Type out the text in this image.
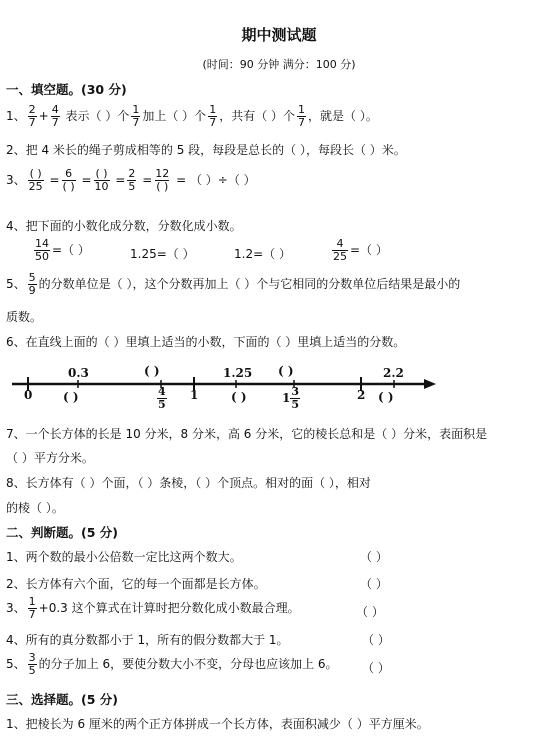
期中测试题
(时间：90 分钟 满分：100 分)
一、填空题。(30 分)
1、 $\frac{2}{7} + \frac{4}{7}$ 表示（ ）个 $\frac{1}{7}$ 加上（ ）个 $\frac{1}{7}$ ，共有（ ）个 $\frac{1}{7}$ ，就是（ ）。
2、把 4 米长的绳子剪成相等的 5 段，每段是总长的（ ），每段长（ ）米。
3、 $\frac{( )}{25} = \frac{6}{( )} = \frac{( )}{10} = \frac{2}{5} = \frac{12}{( )}$ = （ ）÷（ ）
4、把下面的小数化成分数，分数化成小数。
$\frac{14}{50}$ =（ ）	1.25=（ ）	1.2=（ ）	$\frac{4}{25}$ =（ ）
5、 $\frac{5}{9}$ 的分数单位是（ ），这个分数再加上（ ）个与它相同的分数单位后结果是最小的
质数。
6、在直线上面的（ ）里填上适当的小数，下面的（ ）里填上适当的分数。
0.3	( )	1.25 ( )	2.2
0	1	2
( )	( )	( )
$\frac{4}{5}$	$1 \frac{3}{5}$
7、一个长方体的长是 10 分米，8 分米，高 6 分米，它的棱长总和是（ ）分米，表面积是
（ ）平方分米。
8、长方体有（ ）个面，（ ）条棱，（ ）个顶点。相对的面（ ），相对
的棱（ ）。
二、判断题。(5 分)
1、两个数的最小公倍数一定比这两个数大。	（ ）
2、长方体有六个面，它的每一个面都是长方体。	（ ）
3、 $\frac{1}{7} +0.3$ 这个算式在计算时把分数化成小数最合理。	（ ）
4、所有的真分数都小于 1，所有的假分数都大于 1。	（ ）
5、 $\frac{3}{5}$ 的分子加上 6，要使分数大小不变，分母也应该加上 6。 （ ）
三、选择题。(5 分)
1、把棱长为 6 厘米的两个正方体拼成一个长方体，表面积减少（ ）平方厘米。
